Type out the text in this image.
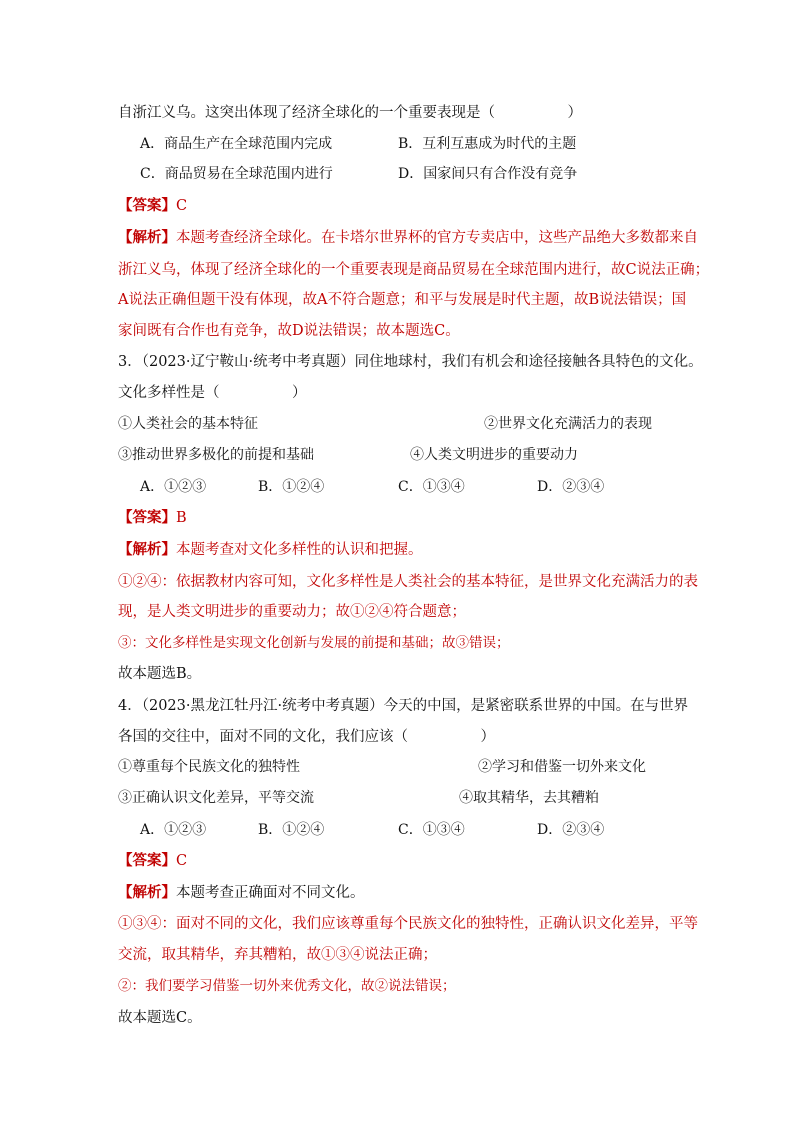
自浙江义乌。这突出体现了经济全球化的一个重要表现是（　　　　　）
A．商品生产在全球范围内完成	B．互利互惠成为时代的主题
C．商品贸易在全球范围内进行	D．国家间只有合作没有竞争
【答案】C
【解析】本题考查经济全球化。在卡塔尔世界杯的官方专卖店中，这些产品绝大多数都来自
浙江义乌，体现了经济全球化的一个重要表现是商品贸易在全球范围内进行，故C说法正确；
A说法正确但题干没有体现，故A不符合题意；和平与发展是时代主题，故B说法错误；国
家间既有合作也有竞争，故D说法错误；故本题选C。
3．（2023·辽宁鞍山·统考中考真题）同住地球村，我们有机会和途径接触各具特色的文化。
文化多样性是（　　　　　）
①人类社会的基本特征	②世界文化充满活力的表现
③推动世界多极化的前提和基础	④人类文明进步的重要动力
A．①②③	B．①②④	C．①③④	D．②③④
【答案】B
【解析】本题考查对文化多样性的认识和把握。
①②④：依据教材内容可知，文化多样性是人类社会的基本特征，是世界文化充满活力的表
现，是人类文明进步的重要动力；故①②④符合题意；
③：文化多样性是实现文化创新与发展的前提和基础；故③错误；
故本题选B。
4．（2023·黑龙江牡丹江·统考中考真题）今天的中国，是紧密联系世界的中国。在与世界
各国的交往中，面对不同的文化，我们应该（　　　　　）
①尊重每个民族文化的独特性	②学习和借鉴一切外来文化
③正确认识文化差异，平等交流	④取其精华，去其糟粕
A．①②③	B．①②④	C．①③④	D．②③④
【答案】C
【解析】本题考查正确面对不同文化。
①③④：面对不同的文化，我们应该尊重每个民族文化的独特性，正确认识文化差异，平等
交流，取其精华，弃其糟粕，故①③④说法正确；
②：我们要学习借鉴一切外来优秀文化，故②说法错误；
故本题选C。
